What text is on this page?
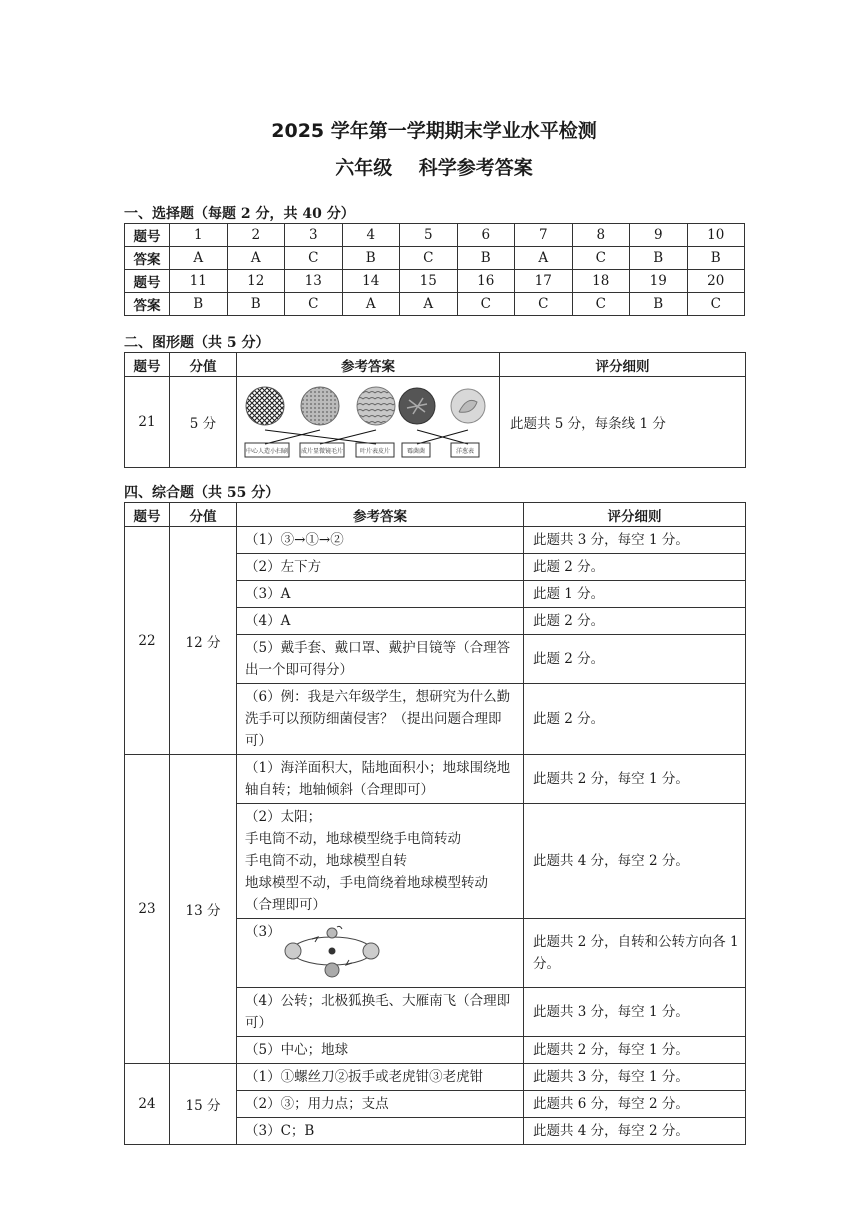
2025 学年第一学期期末学业水平检测
六年级    科学参考答案
一、选择题（每题 2 分，共 40 分）
题号	1	2	3	4	5	6	7	8	9	10
答案	A	A	C	B	C	B	A	C	B	B
题号	11	12	13	14	15	16	17	18	19	20
答案	B	B	C	A	A	C	C	C	B	C
二、图形题（共 5 分）
题号	分值	参考答案	评分细则
21	5 分	中心人造小扫刷 成片显微镜毛片 叶片表皮片 霉菌菌 洋葱表	此题共 5 分，每条线 1 分
四、综合题（共 55 分）
题号	分值	参考答案	评分细则
22	12 分	（1）③→①→②	此题共 3 分，每空 1 分。
		（2）左下方	此题 2 分。
		（3）A	此题 1 分。
		（4）A	此题 2 分。
		（5）戴手套、戴口罩、戴护目镜等（合理答出一个即可得分）	此题 2 分。
		（6）例：我是六年级学生，想研究为什么勤洗手可以预防细菌侵害？（提出问题合理即可）	此题 2 分。
23	13 分	（1）海洋面积大，陆地面积小；地球围绕地轴自转；地轴倾斜（合理即可）	此题共 2 分，每空 1 分。

		（2）太阳；
手电筒不动，地球模型绕手电筒转动
手电筒不动，地球模型自转
地球模型不动，手电筒绕着地球模型转动
（合理即可）	此题共 4 分，每空 2 分。
		（3）	此题共 2 分，自转和公转方向各 1 分。
		（4）公转；北极狐换毛、大雁南飞（合理即可）	此题共 3 分，每空 1 分。
		（5）中心；地球	此题共 2 分，每空 1 分。
24	15 分	（1）①螺丝刀②扳手或老虎钳③老虎钳	此题共 3 分，每空 1 分。
		（2）③；用力点；支点	此题共 6 分，每空 2 分。
		（3）C；B	此题共 4 分，每空 2 分。
